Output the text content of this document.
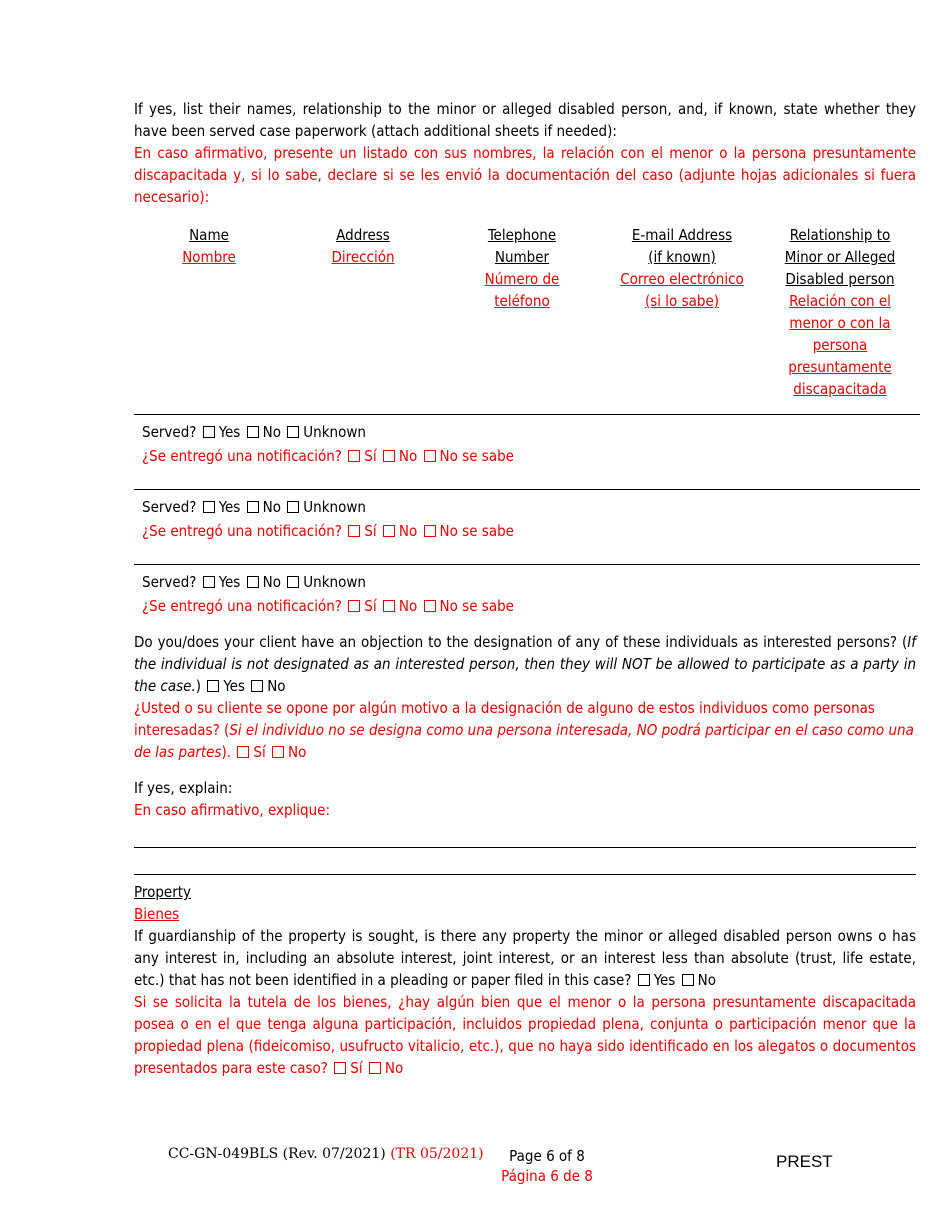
If yes, list their names, relationship to the minor or alleged disabled person, and, if known, state whether they have been served case paperwork (attach additional sheets if needed):

En caso afirmativo, presente un listado con sus nombres, la relación con el menor o la persona presuntamente discapacitada y, si lo sabe, declare si se les envió la documentación del caso (adjunte hojas adicionales si fuera necesario):

Name
Nombre
Address
Dirección
Telephone
Number
Número de
teléfono
E-mail Address
(if known)
Correo electrónico
(si lo sabe)
Relationship to
Minor or Alleged
Disabled person
Relación con el
menor o con la
persona
presuntamente
discapacitada
Served? Yes No Unknown
¿Se entregó una notificación? Sí No No se sabe
Served? Yes No Unknown
¿Se entregó una notificación? Sí No No se sabe
Served? Yes No Unknown
¿Se entregó una notificación? Sí No No se sabe

Do you/does your client have an objection to the designation of any of these individuals as interested persons? (If the individual is not designated as an interested person, then they will NOT be allowed to participate as a party in the case.) Yes No

¿Usted o su cliente se opone por algún motivo a la designación de alguno de estos individuos como personas interesadas? (Si el individuo no se designa como una persona interesada, NO podrá participar en el caso como una de las partes). Sí No

If yes, explain:

En caso afirmativo, explique:

Property

Bienes

If guardianship of the property is sought, is there any property the minor or alleged disabled person owns o has any interest in, including an absolute interest, joint interest, or an interest less than absolute (trust, life estate, etc.) that has not been identified in a pleading or paper filed in this case? Yes No

Si se solicita la tutela de los bienes, ¿hay algún bien que el menor o la persona presuntamente discapacitada posea o en el que tenga alguna participación, incluidos propiedad plena, conjunta o participación menor que la propiedad plena (fideicomiso, usufructo vitalicio, etc.), que no haya sido identificado en los alegatos o documentos presentados para este caso? Sí No

CC-GN-049BLS (Rev. 07/2021) (TR 05/2021)	Page 6 of 8
Página 6 de 8
PREST
